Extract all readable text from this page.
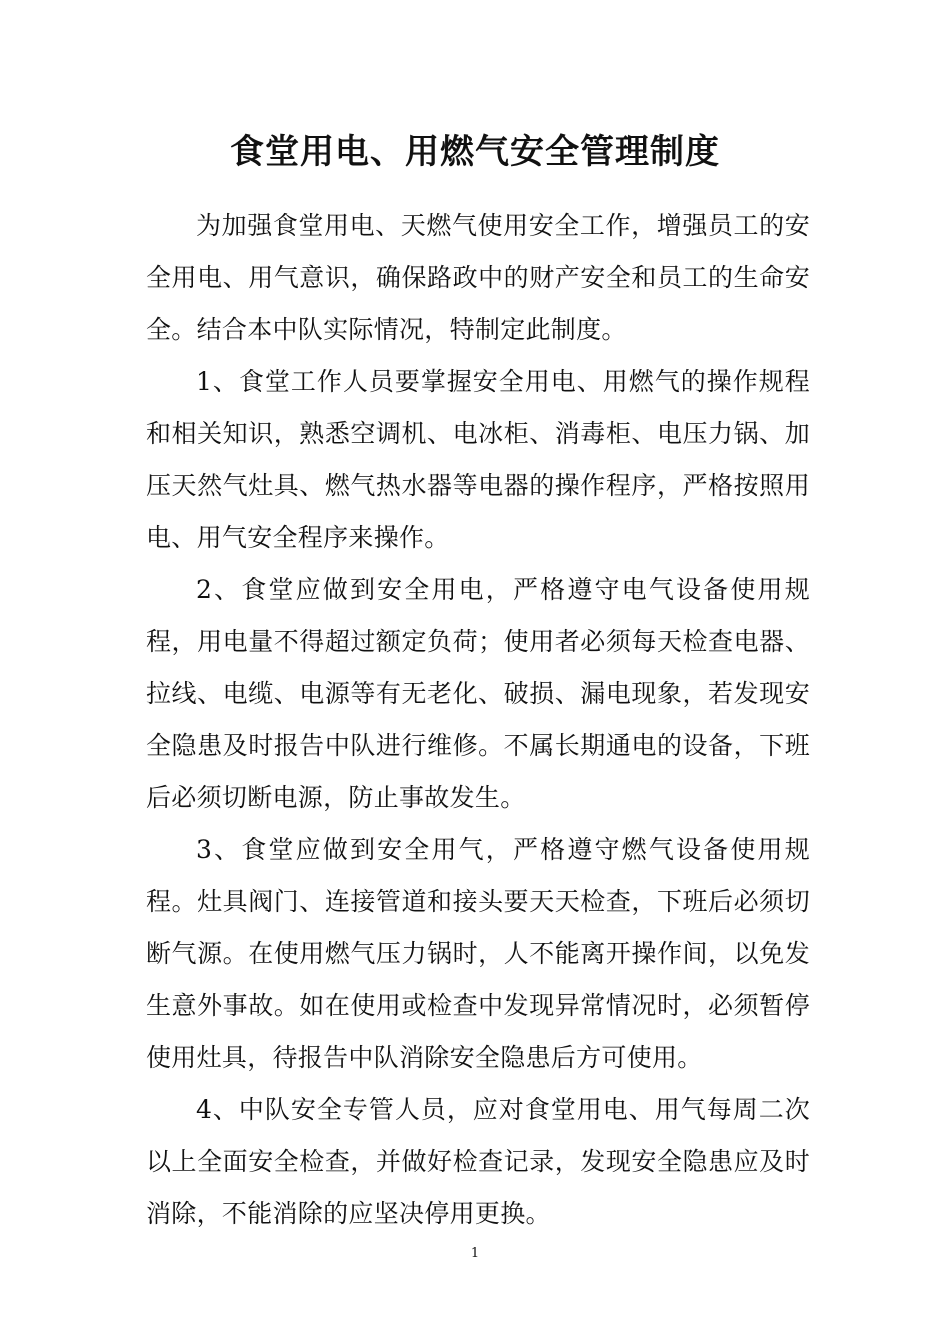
食堂用电、用燃气安全管理制度

为加强食堂用电、天燃气使用安全工作，增强员工的安全用电、用气意识，确保路政中的财产安全和员工的生命安全。结合本中队实际情况，特制定此制度。

1、食堂工作人员要掌握安全用电、用燃气的操作规程和相关知识，熟悉空调机、电冰柜、消毒柜、电压力锅、加压天然气灶具、燃气热水器等电器的操作程序，严格按照用电、用气安全程序来操作。

2、食堂应做到安全用电，严格遵守电气设备使用规程，用电量不得超过额定负荷；使用者必须每天检查电器、拉线、电缆、电源等有无老化、破损、漏电现象，若发现安全隐患及时报告中队进行维修。不属长期通电的设备，下班后必须切断电源，防止事故发生。

3、食堂应做到安全用气，严格遵守燃气设备使用规程。灶具阀门、连接管道和接头要天天检查，下班后必须切断气源。在使用燃气压力锅时，人不能离开操作间，以免发生意外事故。如在使用或检查中发现异常情况时，必须暂停使用灶具，待报告中队消除安全隐患后方可使用。

4、中队安全专管人员，应对食堂用电、用气每周二次以上全面安全检查，并做好检查记录，发现安全隐患应及时消除，不能消除的应坚决停用更换。

1
